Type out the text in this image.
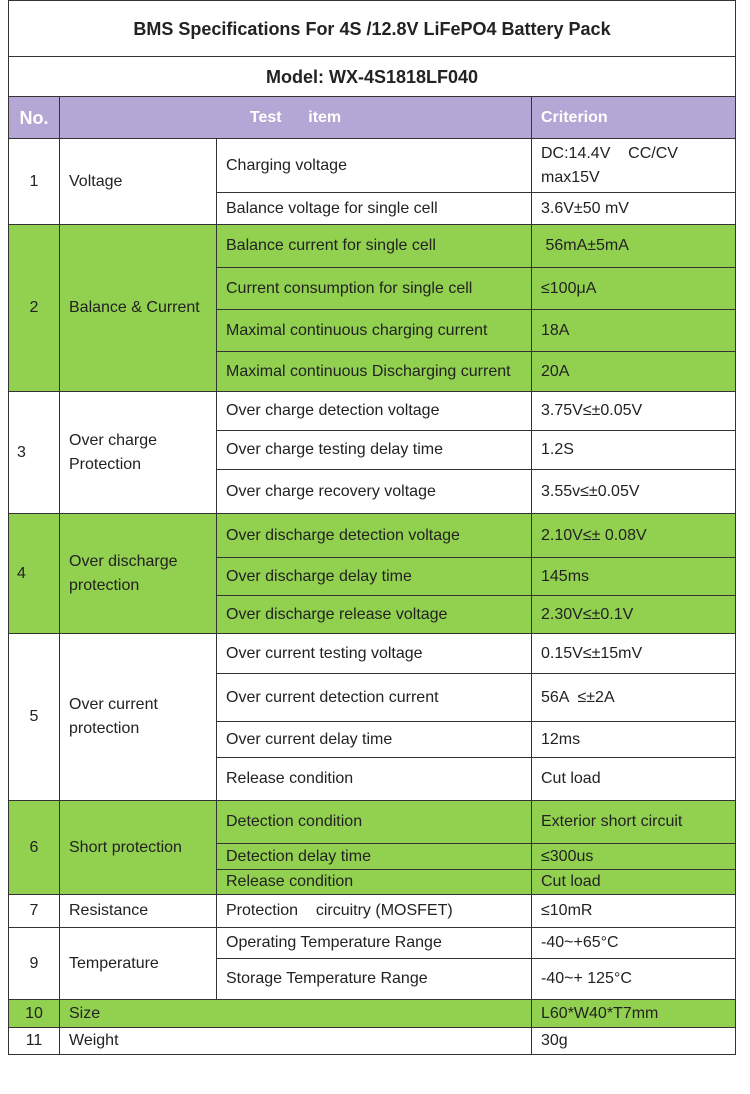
BMS Specifications For 4S /12.8V LiFePO4 Battery Pack			
Model: WX-4S1818LF040			
No.	Test      item		Criterion
1	Voltage	Charging voltage	DC:14.4V    CC/CV max15V
		Balance voltage for single cell	3.6V±50 mV
2	Balance & Current	Balance current for single cell	56mA±5mA
		Current consumption for single cell	≤100μA
		Maximal continuous charging current	18A
		Maximal continuous Discharging current	20A
3	Over charge Protection	Over charge detection voltage	3.75V≤±0.05V
		Over charge testing delay time	1.2S
		Over charge recovery voltage	3.55v≤±0.05V
4	Over discharge protection	Over discharge detection voltage	2.10V≤± 0.08V
		Over discharge delay time	145ms
		Over discharge release voltage	2.30V≤±0.1V
5	Over current protection	Over current testing voltage	0.15V≤±15mV
		Over current detection current	56A  ≤±2A
		Over current delay time	12ms
		Release condition	Cut load
6	Short protection	Detection condition	Exterior short circuit
		Detection delay time	≤300us
		Release condition	Cut load
7	Resistance	Protection    circuitry (MOSFET)	≤10mR
9	Temperature	Operating Temperature Range	-40~+65°C
		Storage Temperature Range	-40~+ 125°C
10	Size		L60*W40*T7mm
11	Weight		30g
